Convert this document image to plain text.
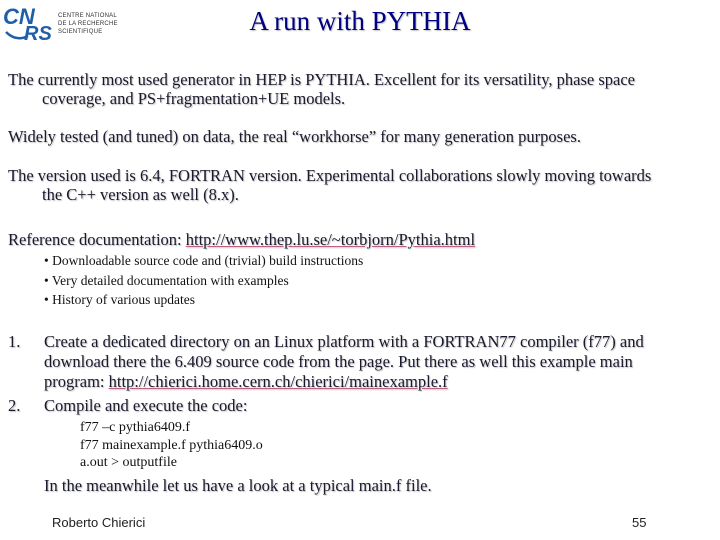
CN
RS
CENTRE NATIONAL
DE LA RECHERCHE
SCIENTIFIQUE	A run with PYTHIA
The currently most used generator in HEP is PYTHIA. Excellent for its versatility, phase space
coverage, and PS+fragmentation+UE models.
Widely tested (and tuned) on data, the real “workhorse” for many generation purposes.
The version used is 6.4, FORTRAN version. Experimental collaborations slowly moving towards
the C++ version as well (8.x).
Reference documentation: http://www.thep.lu.se/~torbjorn/Pythia.html
• Downloadable source code and (trivial) build instructions
• Very detailed documentation with examples
• History of various updates
1. Create a dedicated directory on an Linux platform with a FORTRAN77 compiler (f77) and
download there the 6.409 source code from the page. Put there as well this example main
program: http://chierici.home.cern.ch/chierici/mainexample.f
2. Compile and execute the code:
f77 –c pythia6409.f
f77 mainexample.f pythia6409.o
a.out > outputfile
In the meanwhile let us have a look at a typical main.f file.
Roberto Chierici	55
